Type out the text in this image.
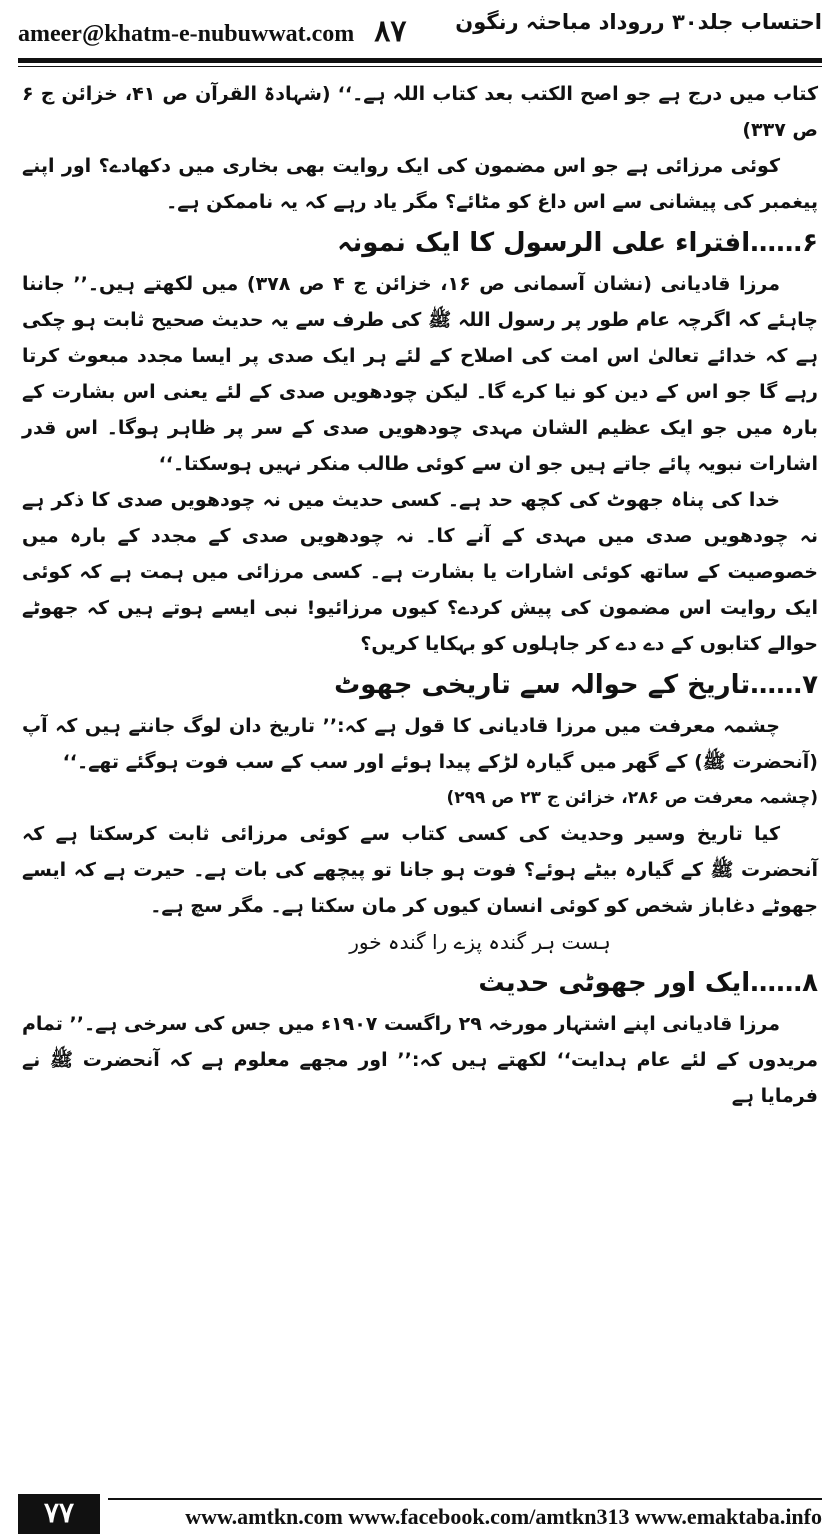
ameer@khatm-e-nubuwwat.com ۸۷ احتساب جلد۳۰ رروداد مباحثہ رنگون

کتاب میں درج ہے جو اصح الکتب بعد کتاب اللہ ہے۔‘‘ (شہادۃ القرآن ص ۴۱، خزائن ج ۶ ص ۳۳۷)

کوئی مرزائی ہے جو اس مضمون کی ایک روایت بھی بخاری میں دکھادے؟ اور اپنے پیغمبر کی پیشانی سے اس داغ کو مٹائے؟ مگر یاد رہے کہ یہ ناممکن ہے۔

۶……افتراء علی الرسول کا ایک نمونہ

مرزا قادیانی (نشان آسمانی ص ۱۶، خزائن ج ۴ ص ۳۷۸) میں لکھتے ہیں۔’’ جاننا چاہئے کہ اگرچہ عام طور پر رسول اللہ ﷺ کی طرف سے یہ حدیث صحیح ثابت ہو چکی ہے کہ خدائے تعالیٰ اس امت کی اصلاح کے لئے ہر ایک صدی پر ایسا مجدد مبعوث کرتا رہے گا جو اس کے دین کو نیا کرے گا۔ لیکن چودھویں صدی کے لئے یعنی اس بشارت کے بارہ میں جو ایک عظیم الشان مہدی چودھویں صدی کے سر پر ظاہر ہوگا۔ اس قدر اشارات نبویہ پائے جاتے ہیں جو ان سے کوئی طالب منکر نہیں ہوسکتا۔‘‘

خدا کی پناہ جھوٹ کی کچھ حد ہے۔ کسی حدیث میں نہ چودھویں صدی کا ذکر ہے نہ چودھویں صدی میں مہدی کے آنے کا۔ نہ چودھویں صدی کے مجدد کے بارہ میں خصوصیت کے ساتھ کوئی اشارات یا بشارت ہے۔ کسی مرزائی میں ہمت ہے کہ کوئی ایک روایت اس مضمون کی پیش کردے؟ کیوں مرزائیو! نبی ایسے ہوتے ہیں کہ جھوٹے حوالے کتابوں کے دے دے کر جاہلوں کو بہکایا کریں؟

۷……تاریخ کے حوالہ سے تاریخی جھوٹ

چشمہ معرفت میں مرزا قادیانی کا قول ہے کہ:’’ تاریخ دان لوگ جانتے ہیں کہ آپ (آنحضرت ﷺ) کے گھر میں گیارہ لڑکے پیدا ہوئے اور سب کے سب فوت ہوگئے تھے۔‘‘

(چشمہ معرفت ص ۲۸۶، خزائن ج ۲۳ ص ۲۹۹)

کیا تاریخ وسیر وحدیث کی کسی کتاب سے کوئی مرزائی ثابت کرسکتا ہے کہ آنحضرت ﷺ کے گیارہ بیٹے ہوئے؟ فوت ہو جانا تو پیچھے کی بات ہے۔ حیرت ہے کہ ایسے جھوٹے دغاباز شخص کو کوئی انسان کیوں کر مان سکتا ہے۔ مگر سچ ہے۔

ہست ہر گندہ پزے را گندہ خور

۸……ایک اور جھوٹی حدیث

مرزا قادیانی اپنے اشتہار مورخہ ۲۹ راگست ۱۹۰۷ء میں جس کی سرخی ہے۔’’ تمام مریدوں کے لئے عام ہدایت‘‘ لکھتے ہیں کہ:’’ اور مجھے معلوم ہے کہ آنحضرت ﷺ نے فرمایا ہے

۷۷	www.amtkn.com www.facebook.com/amtkn313 www.emaktaba.info
